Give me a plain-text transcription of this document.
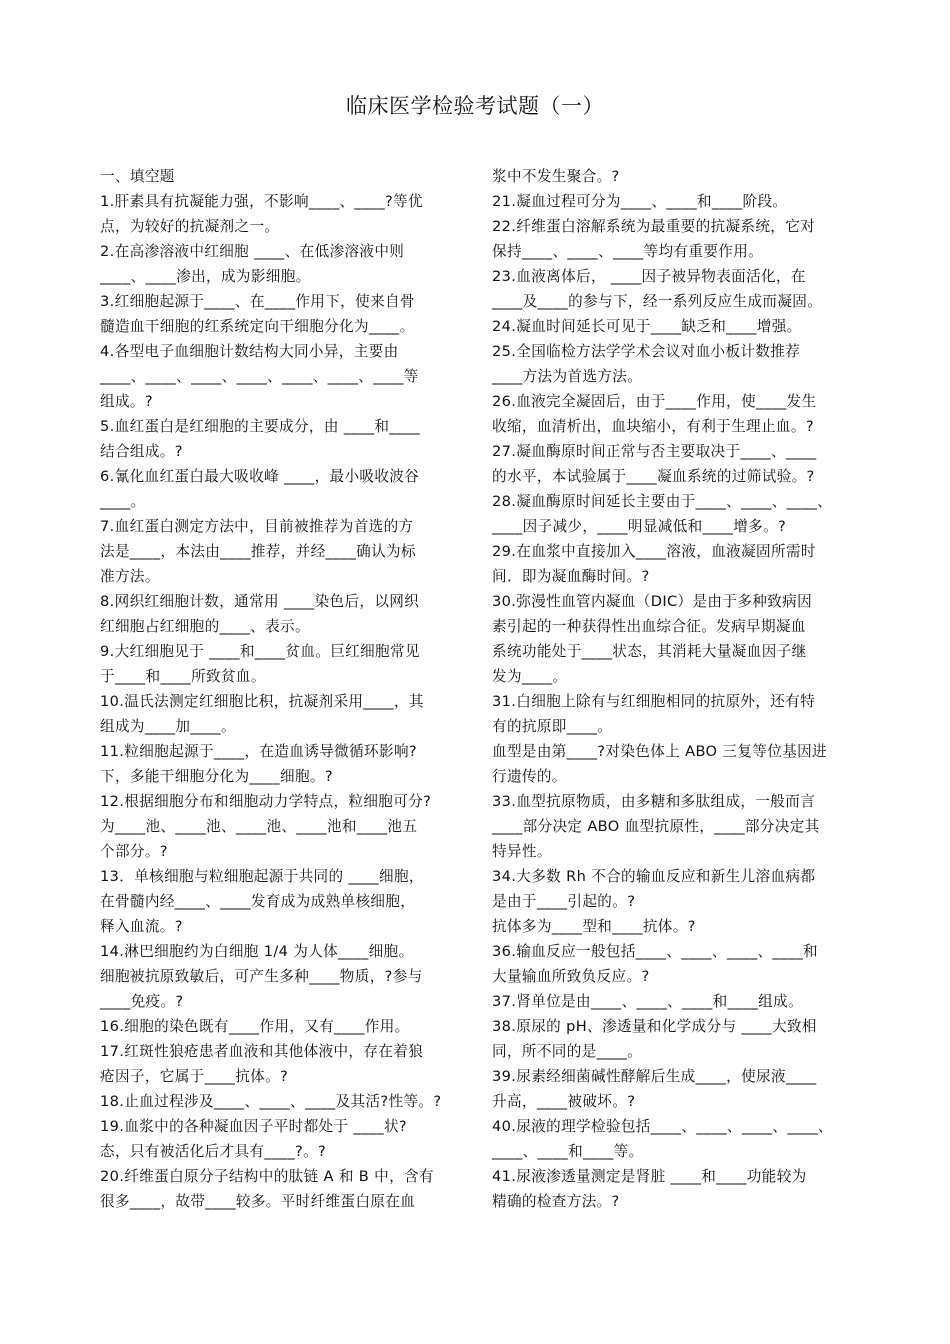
临床医学检验考试题（一）
一、填空题
1.肝素具有抗凝能力强，不影响____、____?等优
点，为较好的抗凝剂之一。
2.在高渗溶液中红细胞 ____、在低渗溶液中则
____、____渗出，成为影细胞。
3.红细胞起源于____、在____作用下，使来自骨
髓造血干细胞的红系统定向干细胞分化为____。
4.各型电子血细胞计数结构大同小异，主要由
____、____、____、____、____、____、____等
组成。?
5.血红蛋白是红细胞的主要成分，由 ____和____
结合组成。?
6.氰化血红蛋白最大吸收峰 ____，最小吸收波谷
____。
7.血红蛋白测定方法中，目前被推荐为首选的方
法是____，本法由____推荐，并经____确认为标
准方法。
8.网织红细胞计数，通常用 ____染色后，以网织
红细胞占红细胞的____、表示。
9.大红细胞见于 ____和____贫血。巨红细胞常见
于____和____所致贫血。
10.温氏法测定红细胞比积，抗凝剂采用____，其
组成为____加____。
11.粒细胞起源于____，在造血诱导微循环影响?
下，多能干细胞分化为____细胞。?
12.根据细胞分布和细胞动力学特点，粒细胞可分?
为____池、____池、____池、____池和____池五
个部分。?
13．单核细胞与粒细胞起源于共同的 ____细胞，
在骨髓内经____、____发育成为成熟单核细胞，
释入血流。?
14.淋巴细胞约为白细胞 1/4 为人体____细胞。
细胞被抗原致敏后，可产生多种____物质，?参与
____免疫。?
16.细胞的染色既有____作用，又有____作用。
17.红斑性狼疮患者血液和其他体液中，存在着狼
疮因子，它属于____抗体。?
18.止血过程涉及____、____、____及其活?性等。?
19.血浆中的各种凝血因子平时都处于 ____状?
态，只有被活化后才具有____?。?
20.纤维蛋白原分子结构中的肽链 A 和 B 中，含有
很多____，故带____较多。平时纤维蛋白原在血
浆中不发生聚合。?
21.凝血过程可分为____、____和____阶段。
22.纤维蛋白溶解系统为最重要的抗凝系统，它对
保持____、____、____等均有重要作用。
23.血液离体后， ____因子被异物表面活化，在
____及____的参与下，经一系列反应生成而凝固。
24.凝血时间延长可见于____缺乏和____增强。
25.全国临检方法学学术会议对血小板计数推荐
____方法为首选方法。
26.血液完全凝固后，由于____作用，使____发生
收缩，血清析出，血块缩小，有利于生理止血。?
27.凝血酶原时间正常与否主要取决于____、____
的水平，本试验属于____凝血系统的过筛试验。?
28.凝血酶原时间延长主要由于____、____、____、
____因子减少，____明显减低和____增多。?
29.在血浆中直接加入____溶液，血液凝固所需时
间．即为凝血酶时间。?
30.弥漫性血管内凝血（DIC）是由于多种致病因
素引起的一种获得性出血综合征。发病早期凝血
系统功能处于____状态，其消耗大量凝血因子继
发为____。
31.白细胞上除有与红细胞相同的抗原外，还有特
有的抗原即____。
血型是由第____?对染色体上 ABO 三复等位基因进
行遗传的。
33.血型抗原物质，由多糖和多肽组成，一般而言
____部分决定 ABO 血型抗原性，____部分决定其
特异性。
34.大多数 Rh 不合的输血反应和新生儿溶血病都
是由于____引起的。?
抗体多为____型和____抗体。?
36.输血反应一般包括____、____、____、____和
大量输血所致负反应。?
37.肾单位是由____、____、____和____组成。
38.原尿的 pH、渗透量和化学成分与 ____大致相
同，所不同的是____。
39.尿素经细菌碱性酵解后生成____，使尿液____
升高，____被破坏。?
40.尿液的理学检验包括____、____、____、____、
____、____和____等。
41.尿液渗透量测定是肾脏 ____和____功能较为
精确的检查方法。?
